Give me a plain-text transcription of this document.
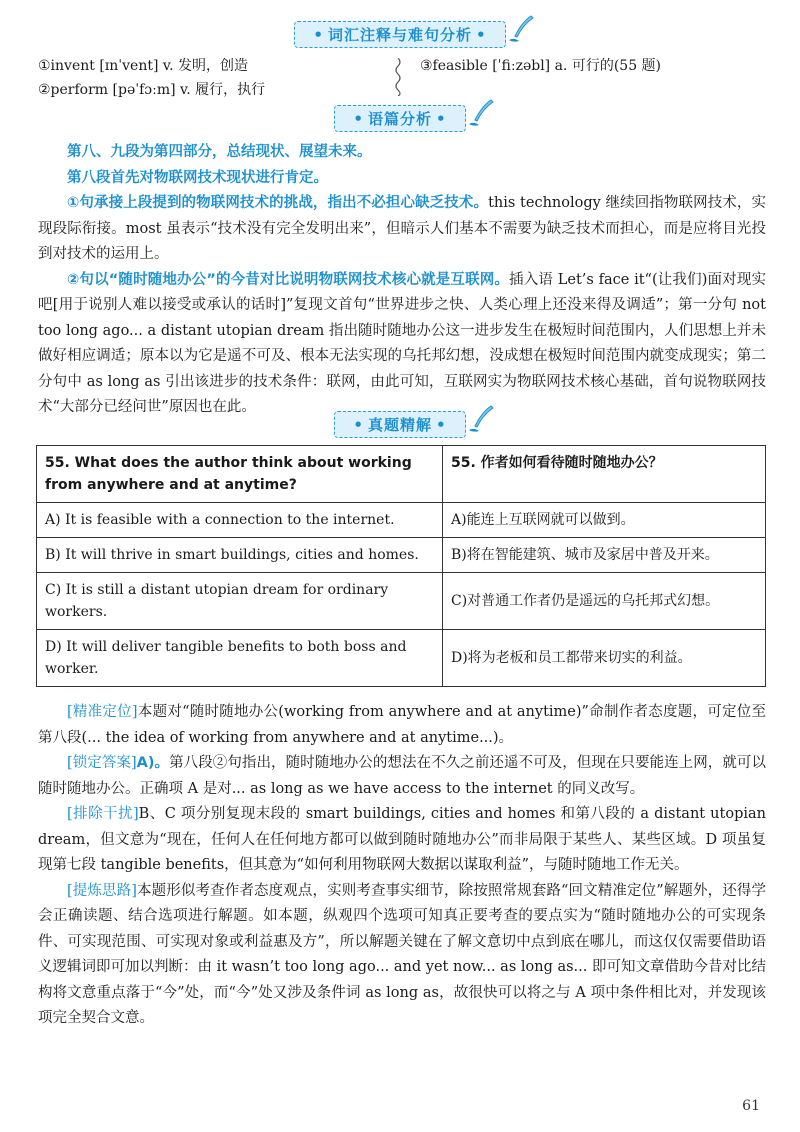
• 词汇注释与难句分析 •
①invent [ɪnˈvent] v. 发明，创造
②perform [pəˈfɔːm] v. 履行，执行
③feasible [ˈfiːzəbl] a. 可行的(55 题)
• 语篇分析 •

第八、九段为第四部分，总结现状、展望未来。

第八段首先对物联网技术现状进行肯定。

①句承接上段提到的物联网技术的挑战，指出不必担心缺乏技术。this technology 继续回指物联网技术，实现段际衔接。most 虽表示“技术没有完全发明出来”，但暗示人们基本不需要为缺乏技术而担心，而是应将目光投到对技术的运用上。

②句以“随时随地办公”的今昔对比说明物联网技术核心就是互联网。插入语 Let’s face it“(让我们)面对现实吧[用于说别人难以接受或承认的话时]”复现文首句“世界进步之快、人类心理上还没来得及调适”；第一分句 not too long ago... a distant utopian dream 指出随时随地办公这一进步发生在极短时间范围内，人们思想上并未做好相应调适；原本以为它是遥不可及、根本无法实现的乌托邦幻想，没成想在极短时间范围内就变成现实；第二分句中 as long as 引出该进步的技术条件：联网，由此可知，互联网实为物联网技术核心基础，首句说物联网技术“大部分已经问世”原因也在此。

• 真题精解 •
55. What does the author think about working from anywhere and at anytime?	55. 作者如何看待随时随地办公？
A) It is feasible with a connection to the internet.	A)能连上互联网就可以做到。
B) It will thrive in smart buildings, cities and homes.	B)将在智能建筑、城市及家居中普及开来。
C) It is still a distant utopian dream for ordinary workers.	C)对普通工作者仍是遥远的乌托邦式幻想。
D) It will deliver tangible benefits to both boss and worker.	D)将为老板和员工都带来切实的利益。

[精准定位]本题对“随时随地办公(working from anywhere and at anytime)”命制作者态度题，可定位至第八段(... the idea of working from anywhere and at anytime...)。

[锁定答案]A)。第八段②句指出，随时随地办公的想法在不久之前还遥不可及，但现在只要能连上网，就可以随时随地办公。正确项 A 是对... as long as we have access to the internet 的同义改写。

[排除干扰]B、C 项分别复现末段的 smart buildings, cities and homes 和第八段的 a distant utopian dream，但文意为“现在，任何人在任何地方都可以做到随时随地办公”而非局限于某些人、某些区域。D 项虽复现第七段 tangible benefits，但其意为“如何利用物联网大数据以谋取利益”，与随时随地工作无关。

[提炼思路]本题形似考查作者态度观点，实则考查事实细节，除按照常规套路“回文精准定位”解题外，还得学会正确读题、结合选项进行解题。如本题，纵观四个选项可知真正要考查的要点实为“随时随地办公的可实现条件、可实现范围、可实现对象或利益惠及方”，所以解题关键在了解文意切中点到底在哪儿，而这仅仅需要借助语义逻辑词即可加以判断：由 it wasn’t too long ago... and yet now... as long as... 即可知文章借助今昔对比结构将文意重点落于“今”处，而“今”处又涉及条件词 as long as，故很快可以将之与 A 项中条件相比对，并发现该项完全契合文意。

61
